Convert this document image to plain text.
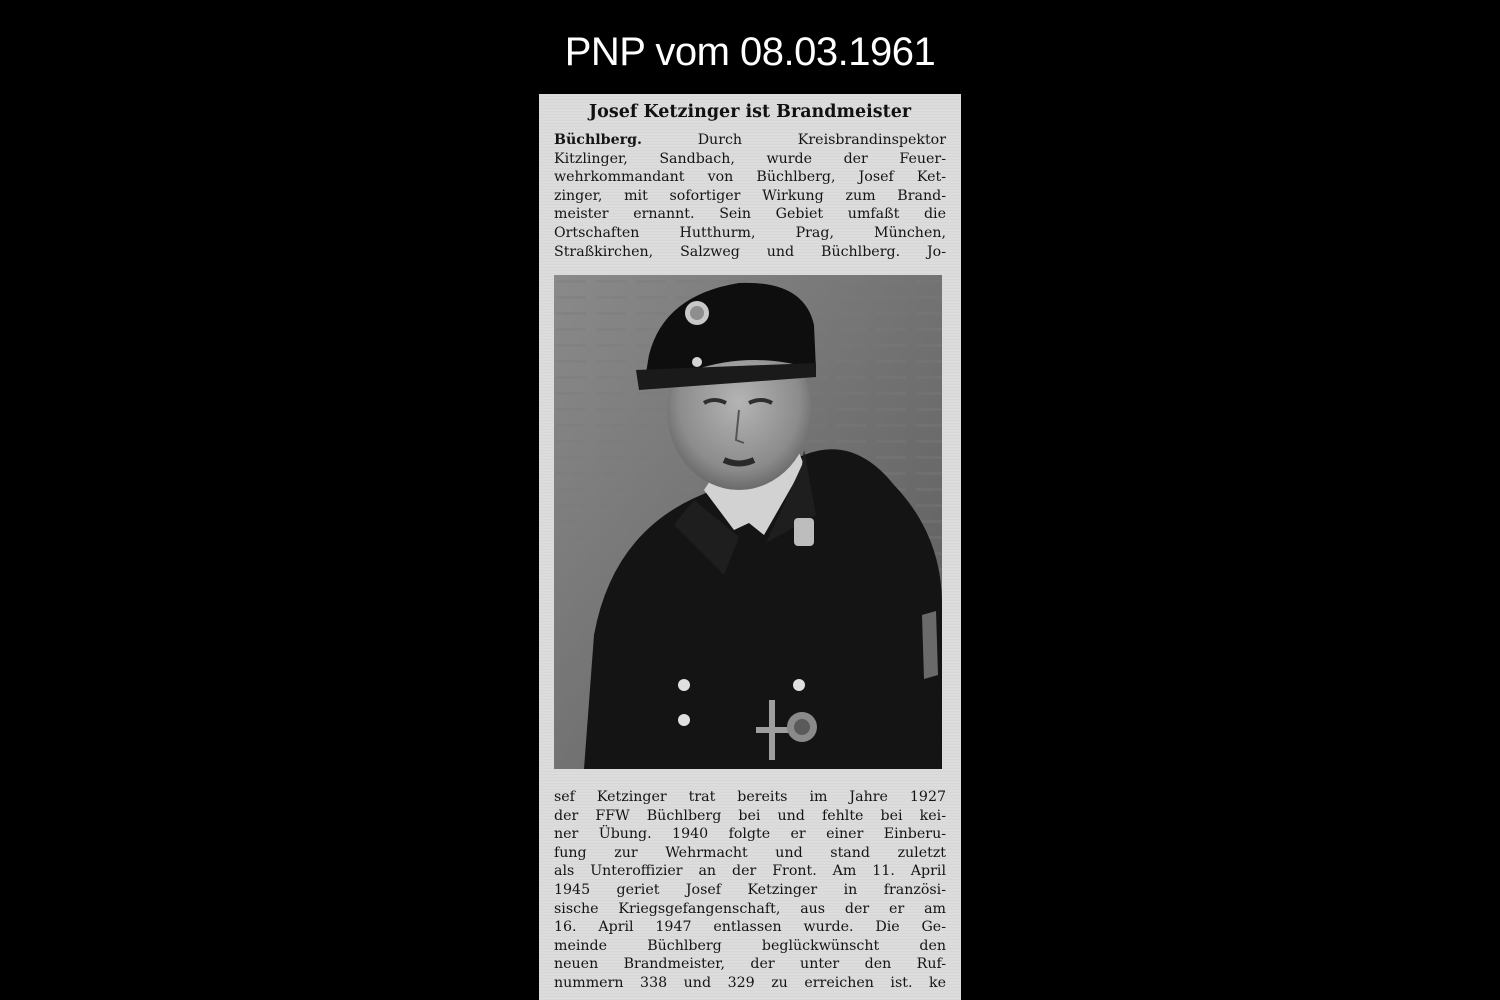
PNP vom 08.03.1961
Josef Ketzinger ist Brandmeister
Büchlberg.	Durch Kreisbrandinspektor
Kitzlinger, Sandbach, wurde der Feuer-
wehrkommandant von Büchlberg, Josef Ket-
zinger, mit sofortiger Wirkung zum Brand-
meister ernannt. Sein Gebiet umfaßt die
Ortschaften Hutthurm, Prag, München,
Straßkirchen, Salzweg und Büchlberg. Jo-
sef Ketzinger trat bereits im Jahre 1927
der FFW Büchlberg bei und fehlte bei kei-
ner Übung. 1940 folgte er einer Einberu-
fung zur Wehrmacht und stand zuletzt
als Unteroffizier an der Front. Am 11. April
1945 geriet Josef Ketzinger in französi-
sische Kriegsgefangenschaft, aus der er am
16. April 1947 entlassen wurde. Die Ge-
meinde Büchlberg beglückwünscht den
neuen Brandmeister, der unter den Ruf-
nummern 338 und 329 zu erreichen ist. ke
